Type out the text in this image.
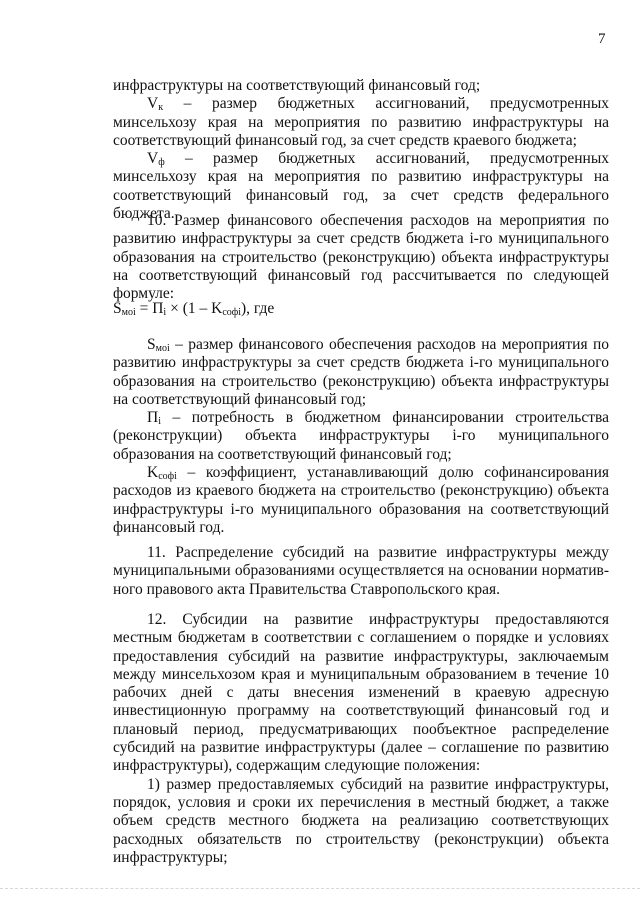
7

инфраструктуры на соответствующий финансовый год;

$V_к$ – размер бюджетных ассигнований, предусмотренных минсельхозу края на мероприятия по развитию инфраструктуры на соответствующий финансовый год, за счет средств краевого бюджета;

$V_ф$ – размер бюджетных ассигнований, предусмотренных минсельхозу края на мероприятия по развитию инфраструктуры на соответствующий финансовый год, за счет средств федерального бюджета.

10. Размер финансового обеспечения расходов на мероприятия по развитию инфраструктуры за счет средств бюджета i-го муниципального образования на строительство (реконструкцию) объекта инфраструктуры на соответствующий финансовый год рассчитывается по следующей формуле:

$S_{моi} = П_i \times (1 - K_{софi})$, где

$S_{моi}$ – размер финансового обеспечения расходов на мероприятия по развитию инфраструктуры за счет средств бюджета i-го муниципального образования на строительство (реконструкцию) объекта инфраструктуры на соответствующий финансовый год;

$П_i$ – потребность в бюджетном финансировании строительства (реконструкции) объекта инфраструктуры i-го муниципального образования на соответствующий финансовый год;

$K_{софi}$ – коэффициент, устанавливающий долю софинансирования расходов из краевого бюджета на строительство (реконструкцию) объекта инфраструктуры i-го муниципального образования на соответствующий финансовый год.

11. Распределение субсидий на развитие инфраструктуры между муниципальными образованиями осуществляется на основании нормативного правового акта Правительства Ставропольского края.

12. Субсидии на развитие инфраструктуры предоставляются местным бюджетам в соответствии с соглашением о порядке и условиях предоставления субсидий на развитие инфраструктуры, заключаемым между минсельхозом края и муниципальным образованием в течение 10 рабочих дней с даты внесения изменений в краевую адресную инвестиционную программу на соответствующий финансовый год и плановый период, предусматривающих пообъектное распределение субсидий на развитие инфраструктуры (далее – соглашение по развитию инфраструктуры), содержащим следующие положения:

1) размер предоставляемых субсидий на развитие инфраструктуры, порядок, условия и сроки их перечисления в местный бюджет, а также объем средств местного бюджета на реализацию соответствующих расходных обязательств по строительству (реконструкции) объекта инфраструктуры;
